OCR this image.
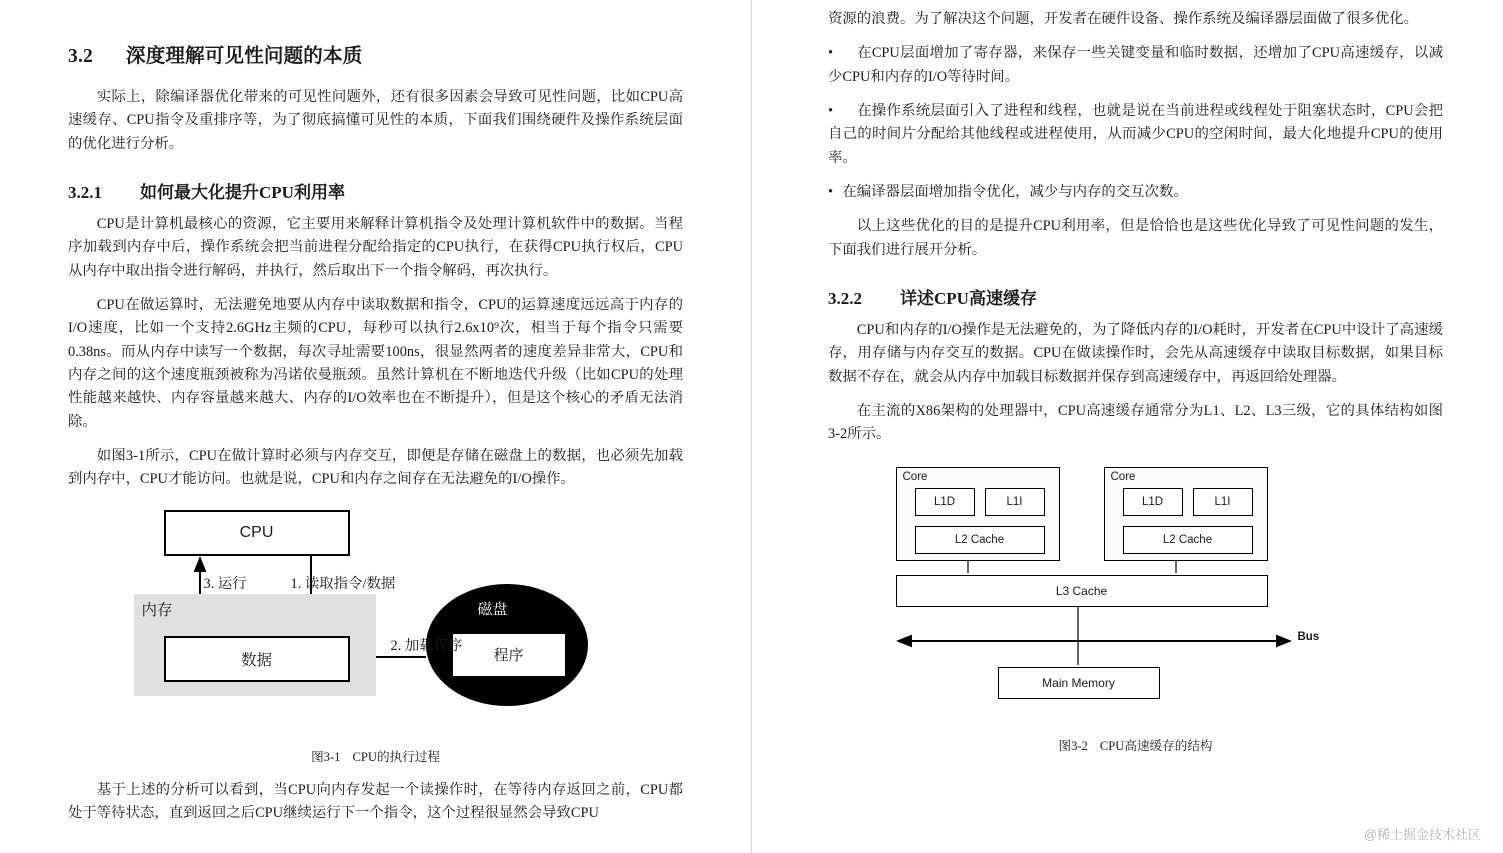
3.2 深度理解可见性问题的本质

实际上，除编译器优化带来的可见性问题外，还有很多因素会导致可见性问题，比如CPU高速缓存、CPU指令及重排序等，为了彻底搞懂可见性的本质，下面我们围绕硬件及操作系统层面的优化进行分析。

3.2.1 如何最大化提升CPU利用率

CPU是计算机最核心的资源，它主要用来解释计算机指令及处理计算机软件中的数据。当程序加载到内存中后，操作系统会把当前进程分配给指定的CPU执行，在获得CPU执行权后，CPU从内存中取出指令进行解码，并执行，然后取出下一个指令解码，再次执行。

CPU在做运算时，无法避免地要从内存中读取数据和指令，CPU的运算速度远远高于内存的I/O速度，比如一个支持2.6GHz主频的CPU，每秒可以执行2.6x10⁹次，相当于每个指令只需要0.38ns。而从内存中读写一个数据，每次寻址需要100ns，很显然两者的速度差异非常大，CPU和内存之间的这个速度瓶颈被称为冯诺依曼瓶颈。虽然计算机在不断地迭代升级（比如CPU的处理性能越来越快、内存容量越来越大、内存的I/O效率也在不断提升），但是这个核心的矛盾无法消除。

如图3-1所示，CPU在做计算时必须与内存交互，即便是存储在磁盘上的数据，也必须先加载到内存中，CPU才能访问。也就是说，CPU和内存之间存在无法避免的I/O操作。

内存
CPU
数据
磁盘
程序
3. 运行	1. 读取指令/数据
2. 加载程序
图3-1 CPU的执行过程

基于上述的分析可以看到，当CPU向内存发起一个读操作时，在等待内存返回之前，CPU都处于等待状态，直到返回之后CPU继续运行下一个指令，这个过程很显然会导致CPU

资源的浪费。为了解决这个问题，开发者在硬件设备、操作系统及编译器层面做了很多优化。

• 在CPU层面增加了寄存器，来保存一些关键变量和临时数据，还增加了CPU高速缓存，以减少CPU和内存的I/O等待时间。
• 在操作系统层面引入了进程和线程，也就是说在当前进程或线程处于阻塞状态时，CPU会把自己的时间片分配给其他线程或进程使用，从而减少CPU的空闲时间，最大化地提升CPU的使用率。
• 在编译器层面增加指令优化，减少与内存的交互次数。

以上这些优化的目的是提升CPU利用率，但是恰恰也是这些优化导致了可见性问题的发生，下面我们进行展开分析。

3.2.2 详述CPU高速缓存

CPU和内存的I/O操作是无法避免的，为了降低内存的I/O耗时，开发者在CPU中设计了高速缓存，用存储与内存交互的数据。CPU在做读操作时，会先从高速缓存中读取目标数据，如果目标数据不存在，就会从内存中加载目标数据并保存到高速缓存中，再返回给处理器。

在主流的X86架构的处理器中，CPU高速缓存通常分为L1、L2、L3三级，它的具体结构如图3-2所示。

Core
L1D	L1I
L2 Cache
Core
L1D	L1I
L2 Cache
L3 Cache
Bus
Main Memory
图3-2 CPU高速缓存的结构
@稀土掘金技术社区
